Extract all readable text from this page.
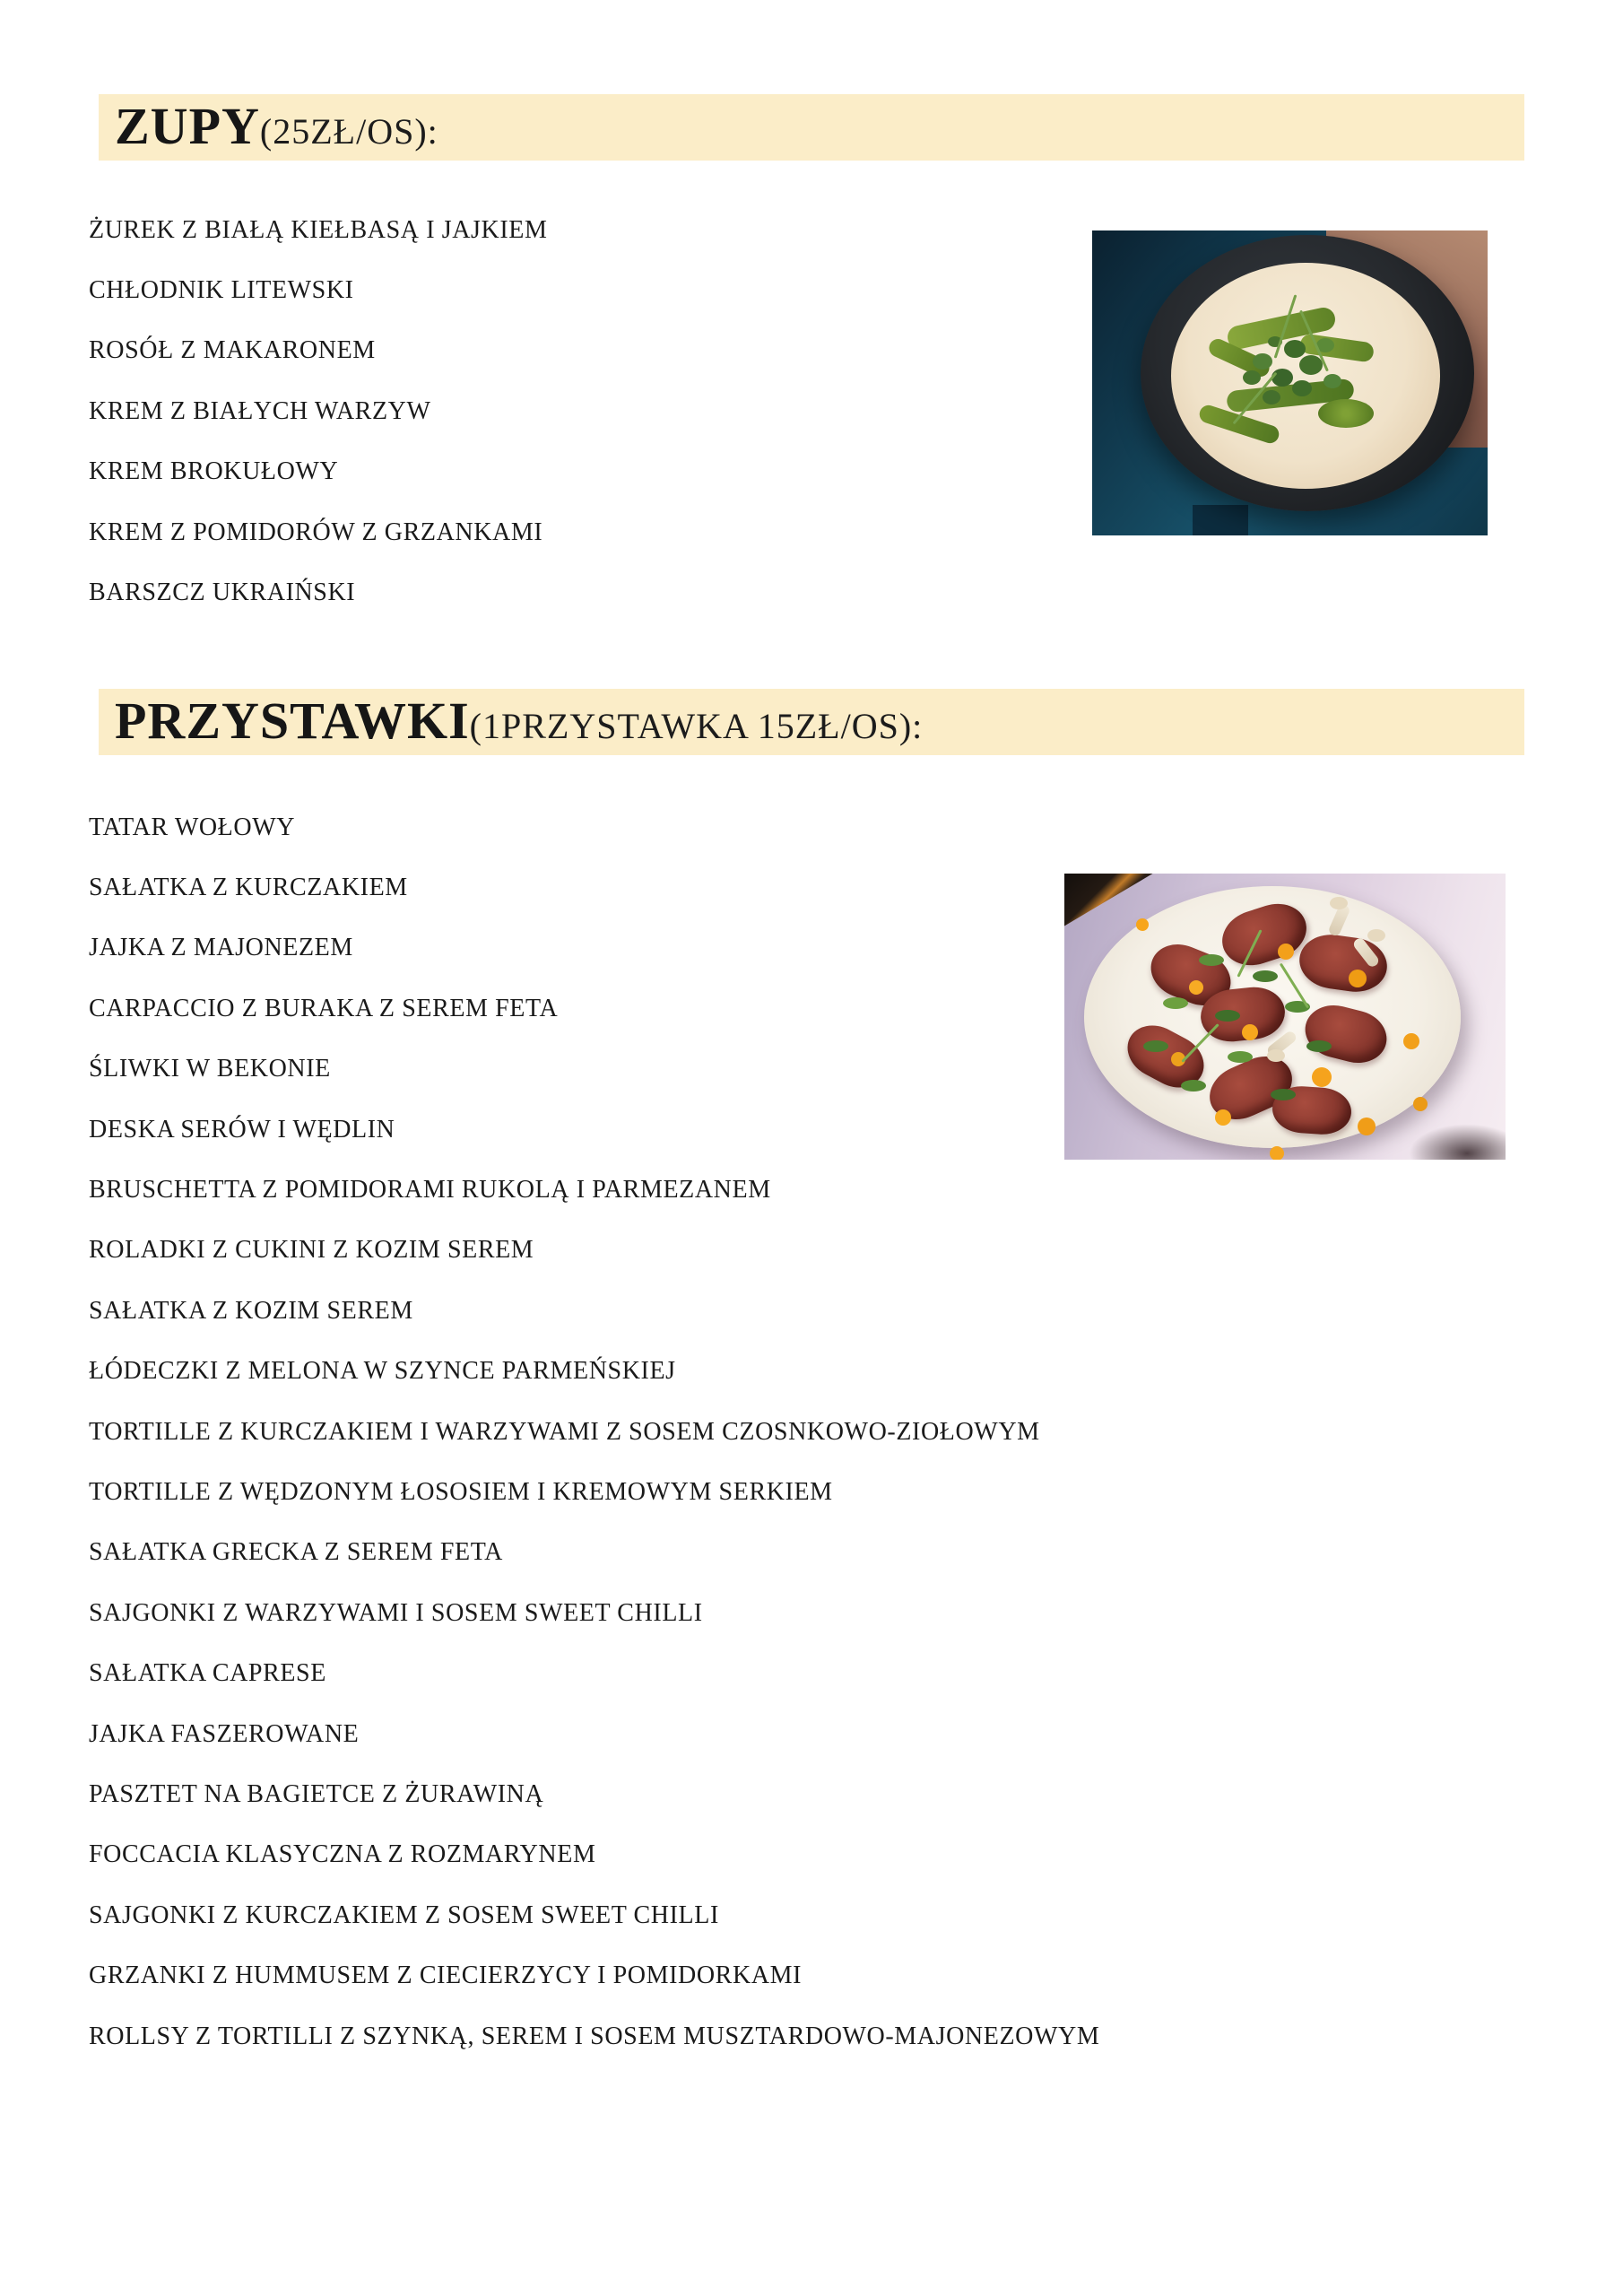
ZUPY(25ZŁ/OS):
ŻUREK Z BIAŁĄ KIEŁBASĄ I JAJKIEM
CHŁODNIK LITEWSKI
ROSÓŁ Z MAKARONEM
KREM Z BIAŁYCH WARZYW
KREM BROKUŁOWY
KREM Z POMIDORÓW Z GRZANKAMI
BARSZCZ UKRAIŃSKI
PRZYSTAWKI(1PRZYSTAWKA 15ZŁ/OS):
TATAR WOŁOWY
SAŁATKA Z KURCZAKIEM
JAJKA Z MAJONEZEM
CARPACCIO Z BURAKA Z SEREM FETA
ŚLIWKI W BEKONIE
DESKA SERÓW I WĘDLIN
BRUSCHETTA Z POMIDORAMI RUKOLĄ I PARMEZANEM
ROLADKI Z CUKINI Z KOZIM SEREM
SAŁATKA Z KOZIM SEREM
ŁÓDECZKI Z MELONA W SZYNCE PARMEŃSKIEJ
TORTILLE Z KURCZAKIEM I WARZYWAMI Z SOSEM CZOSNKOWO-ZIOŁOWYM
TORTILLE Z WĘDZONYM ŁOSOSIEM I KREMOWYM SERKIEM
SAŁATKA GRECKA Z SEREM FETA
SAJGONKI Z WARZYWAMI I SOSEM SWEET CHILLI
SAŁATKA CAPRESE
JAJKA FASZEROWANE
PASZTET NA BAGIETCE Z ŻURAWINĄ
FOCCACIA KLASYCZNA Z ROZMARYNEM
SAJGONKI Z KURCZAKIEM Z SOSEM SWEET CHILLI
GRZANKI Z HUMMUSEM Z CIECIERZYCY I POMIDORKAMI
ROLLSY Z TORTILLI Z SZYNKĄ, SEREM I SOSEM MUSZTARDOWO-MAJONEZOWYM
